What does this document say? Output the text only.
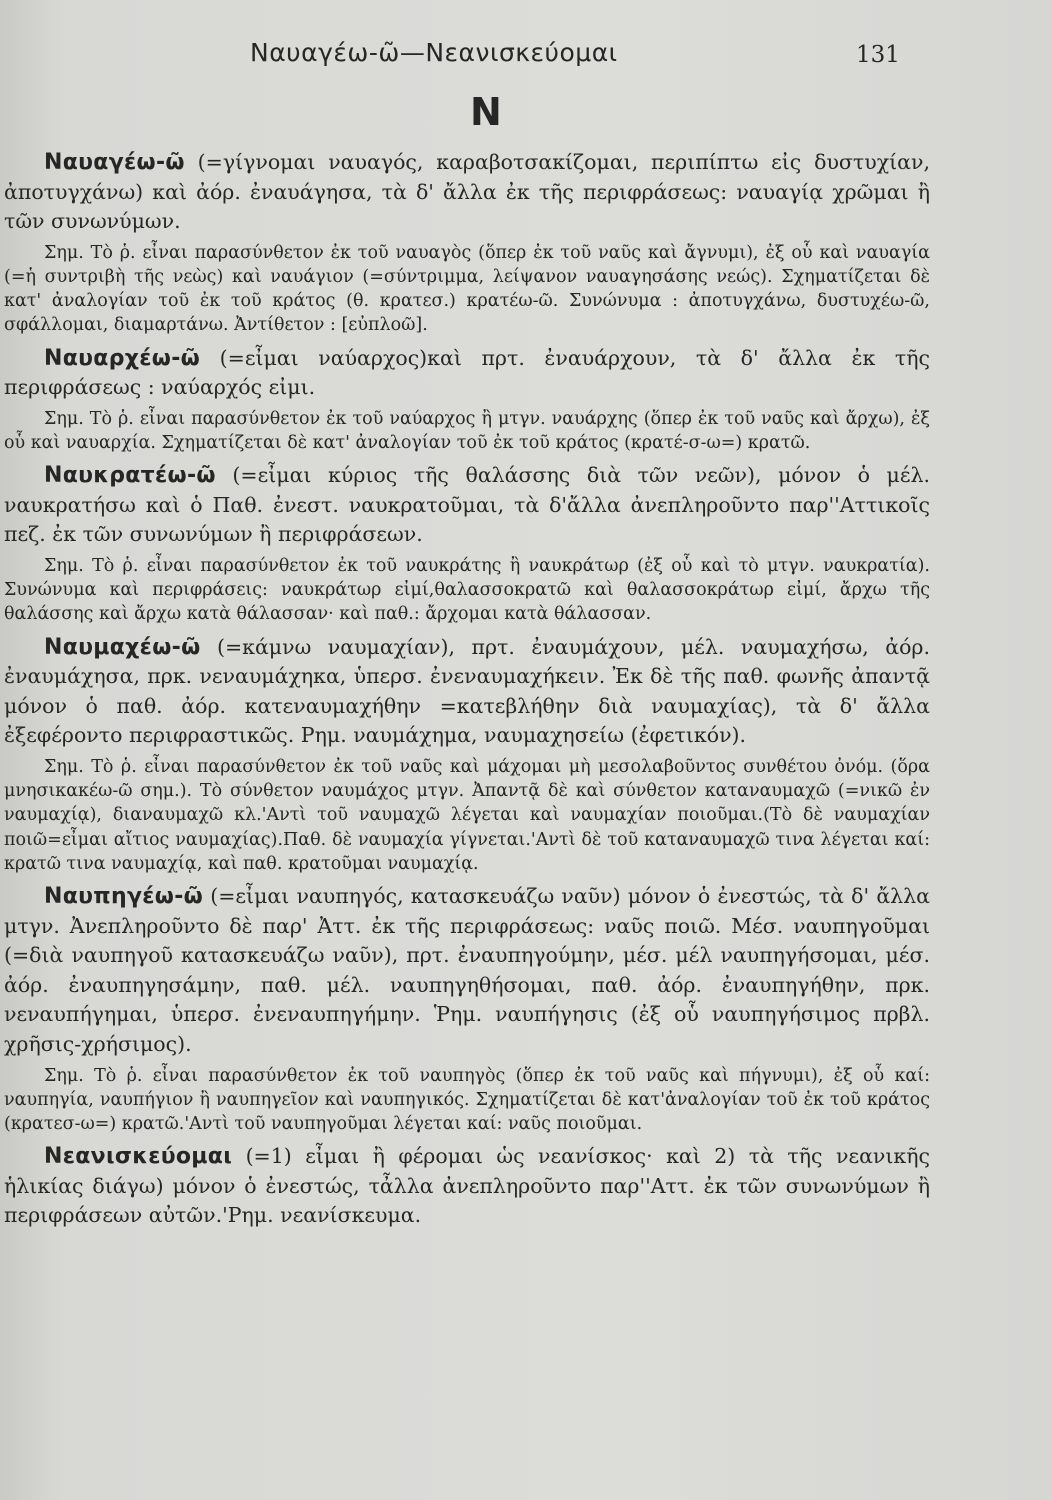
Ναυαγέω-ῶ—Νεανισκεύομαι	131
Ν

Ναυαγέω-ῶ (=γίγνομαι ναυαγός, καραβοτσακίζομαι, περιπίπτω εἰς δυστυχίαν, ἀποτυγχάνω) καὶ ἀόρ. ἐναυάγησα, τὰ δ' ἄλλα ἐκ τῆς περιφράσεως: ναυαγίᾳ χρῶμαι ἢ τῶν συνωνύμων.

Σημ. Τὸ ῥ. εἶναι παρασύνθετον ἐκ τοῦ ναυαγὸς (ὅπερ ἐκ τοῦ ναῦς καὶ ἄγνυμι), ἐξ οὗ καὶ ναυαγία (=ἡ συντριβὴ τῆς νεὼς) καὶ ναυάγιον (=σύντριμμα, λείψανον ναυαγησάσης νεώς). Σχηματίζεται δὲ κατ' ἀναλογίαν τοῦ ἐκ τοῦ κράτος (θ. κρατεσ.) κρατέω-ῶ. Συνώνυμα : ἀποτυγχάνω, δυστυχέω-ῶ, σφάλλομαι, διαμαρτάνω. Ἀντίθετον : [εὐπλοῶ].

Ναυαρχέω-ῶ (=εἶμαι ναύαρχος)καὶ πρτ. ἐναυάρχουν, τὰ δ' ἄλλα ἐκ τῆς περιφράσεως : ναύαρχός εἰμι.

Σημ. Τὸ ῥ. εἶναι παρασύνθετον ἐκ τοῦ ναύαρχος ἢ μτγν. ναυάρχης (ὅπερ ἐκ τοῦ ναῦς καὶ ἄρχω), ἐξ οὗ καὶ ναυαρχία. Σχηματίζεται δὲ κατ' ἀναλογίαν τοῦ ἐκ τοῦ κράτος (κρατέ-σ-ω=) κρατῶ.

Ναυκρατέω-ῶ (=εἶμαι κύριος τῆς θαλάσσης διὰ τῶν νεῶν), μόνον ὁ μέλ. ναυκρατήσω καὶ ὁ Παθ. ἐνεστ. ναυκρατοῦμαι, τὰ δ'ἄλλα ἀνεπληροῦντο παρ''Αττικοῖς πεζ. ἐκ τῶν συνωνύμων ἢ περιφράσεων.

Σημ. Τὸ ῥ. εἶναι παρασύνθετον ἐκ τοῦ ναυκράτης ἢ ναυκράτωρ (ἐξ οὗ καὶ τὸ μτγν. ναυκρατία). Συνώνυμα καὶ περιφράσεις: ναυκράτωρ εἰμί,θαλασσοκρατῶ καὶ θαλασσοκράτωρ εἰμί, ἄρχω τῆς θαλάσσης καὶ ἄρχω κατὰ θάλασσαν· καὶ παθ.: ἄρχομαι κατὰ θάλασσαν.

Ναυμαχέω-ῶ (=κάμνω ναυμαχίαν), πρτ. ἐναυμάχουν, μέλ. ναυμαχήσω, ἀόρ. ἐναυμάχησα, πρκ. νεναυμάχηκα, ὑπερσ. ἐνεναυμαχήκειν. Ἐκ δὲ τῆς παθ. φωνῆς ἀπαντᾷ μόνον ὁ παθ. ἀόρ. κατεναυμαχήθην =κατεβλήθην διὰ ναυμαχίας), τὰ δ' ἄλλα ἐξεφέροντο περιφραστικῶς. Ρημ. ναυμάχημα, ναυμαχησείω (ἐφετικόν).

Σημ. Τὸ ῥ. εἶναι παρασύνθετον ἐκ τοῦ ναῦς καὶ μάχομαι μὴ μεσολαβοῦντος συνθέτου ὀνόμ. (ὅρα μνησικακέω-ῶ σημ.). Τὸ σύνθετον ναυμάχος μτγν. Ἀπαντᾷ δὲ καὶ σύνθετον καταναυμαχῶ (=νικῶ ἐν ναυμαχίᾳ), διαναυμαχῶ κλ.'Αντὶ τοῦ ναυμαχῶ λέγεται καὶ ναυμαχίαν ποιοῦμαι.(Τὸ δὲ ναυμαχίαν ποιῶ=εἶμαι αἴτιος ναυμαχίας).Παθ. δὲ ναυμαχία γίγνεται.'Αντὶ δὲ τοῦ καταναυμαχῶ τινα λέγεται καί: κρατῶ τινα ναυμαχίᾳ, καὶ παθ. κρατοῦμαι ναυμαχίᾳ.

Ναυπηγέω-ῶ (=εἶμαι ναυπηγός, κατασκευάζω ναῦν) μόνον ὁ ἐνεστώς, τὰ δ' ἄλλα μτγν. Ἀνεπληροῦντο δὲ παρ' Ἀττ. ἐκ τῆς περιφράσεως: ναῦς ποιῶ. Μέσ. ναυπηγοῦμαι (=διὰ ναυπηγοῦ κατασκευάζω ναῦν), πρτ. ἐναυπηγούμην, μέσ. μέλ ναυπηγήσομαι, μέσ. ἀόρ. ἐναυπηγησάμην, παθ. μέλ. ναυπηγηθήσομαι, παθ. ἀόρ. ἐναυπηγήθην, πρκ. νεναυπήγημαι, ὑπερσ. ἐνεναυπηγήμην. Ῥημ. ναυπήγησις (ἐξ οὗ ναυπηγήσιμος πρβλ. χρῆσις-χρήσιμος).

Σημ. Τὸ ῥ. εἶναι παρασύνθετον ἐκ τοῦ ναυπηγὸς (ὅπερ ἐκ τοῦ ναῦς καὶ πήγνυμι), ἐξ οὗ καί: ναυπηγία, ναυπήγιον ἢ ναυπηγεῖον καὶ ναυπηγικός. Σχηματίζεται δὲ κατ'ἀναλογίαν τοῦ ἐκ τοῦ κράτος (κρατεσ-ω=) κρατῶ.'Αντὶ τοῦ ναυπηγοῦμαι λέγεται καί: ναῦς ποιοῦμαι.

Νεανισκεύομαι (=1) εἶμαι ἢ φέρομαι ὡς νεανίσκος· καὶ 2) τὰ τῆς νεανικῆς ἡλικίας διάγω) μόνον ὁ ἐνεστώς, τἆλλα ἀνεπληροῦντο παρ''Αττ. ἐκ τῶν συνωνύμων ἢ περιφράσεων αὐτῶν.'Ρημ. νεανίσκευμα.
